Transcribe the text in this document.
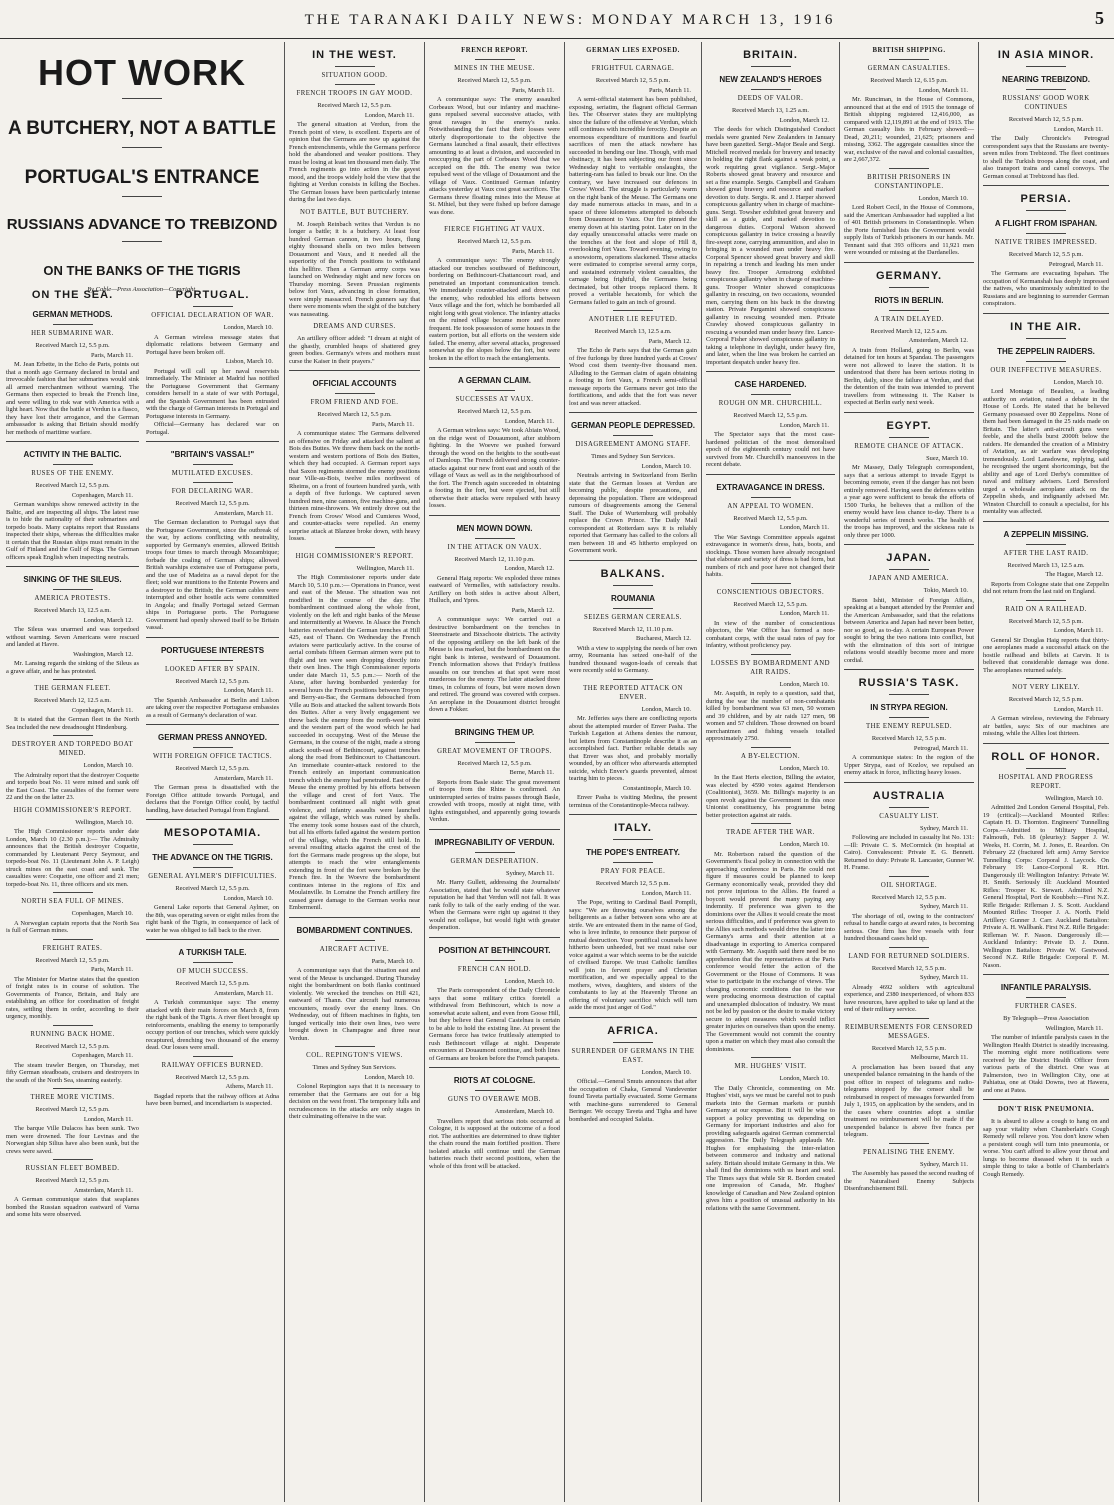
THE TARANAKI DAILY NEWS: MONDAY MARCH 13, 1916	5
HOT WORK
A BUTCHERY, NOT A BATTLE
PORTUGAL'S ENTRANCE
RUSSIANS ADVANCE TO TREBIZOND
ON THE BANKS OF THE TIGRIS
By Cable—Press Association—Copyright.
ON THE SEA.
GERMAN METHODS.
HER SUBMARINE WAR.
Received March 12, 5.5 p.m.
Paris, March 11.

M. Jean Erbette, in the Echo de Paris, points out that a month ago Germany declared in brutal and irrevocable fashion that her submarines would sink all armed merchantmen without warning. The Germans then expected to break the French line, and were willing to risk war with America with a light heart. Now that the battle at Verdun is a fiasco, they have lost their arrogance, and the German ambassador is asking that Britain should modify her methods of maritime warfare.

ACTIVITY IN THE BALTIC.
RUSES OF THE ENEMY.
Received March 12, 5.5 p.m.
Copenhagen, March 11.

German warships show renewed activity in the Baltic, and are inspecting all ships. The latest ruse is to hide the nationality of their submarines and torpedo boats. Many captains report that Russians inspected their ships, whereas the difficulties make it certain that the Russian ships must remain in the Gulf of Finland and the Gulf of Riga. The German officers speak English when inspecting neutrals.

SINKING OF THE SILEUS.
AMERICA PROTESTS.
Received March 13, 12.5 a.m.
London, March 12.

The Sileus was unarmed and was torpedoed without warning. Seven Americans were rescued and landed at Havre.

Washington, March 12.

Mr. Lansing regards the sinking of the Sileus as a grave affair, and he has protested.

THE GERMAN FLEET.
Received March 12, 12.5 a.m.
Copenhagen, March 11.

It is stated that the German fleet in the North Sea included the new dreadnought Hindenburg.

DESTROYER AND TORPEDO BOAT MINED.
London, March 10.

The Admiralty report that the destroyer Coquette and torpedo boat No. 11 were mined and sunk off the East Coast. The casualties of the former were 22 and the on the latter 23.

HIGH COMMISSIONER'S REPORT.
Wellington, March 10.

The High Commissioner reports under date London, March 10 (2.30 p.m.):— The Admiralty announces that the British destroyer Coquette, commanded by Lieutenant Percy Seymour, and torpedo-boat No. 11 (Lieutenant John A. P. Leigh) struck mines on the east coast and sank. The casualties were: Coquette, one officer and 21 men; torpedo-boat No. 11, three officers and six men.

NORTH SEA FULL OF MINES.
Copenhagen, March 10.

A Norwegian captain reports that the North Sea is full of German mines.

FREIGHT RATES.
Received March 12, 5.5 p.m.
Paris, March 11.

The Minister for Marine states that the question of freight rates is in course of solution. The Governments of France, Britain, and Italy are establishing an office for coordination of freight rates, settling them in order, according to their urgency, monthly.

RUNNING BACK HOME.
Received March 12, 5.5 p.m.
Copenhagen, March 11.

The steam trawler Bergen, on Thursday, met fifty German steadboats, cruisers and destroyers in the south of the North Sea, steaming easterly.

THREE MORE VICTIMS.
Received March 12, 5.5 p.m.
London, March 11.

The barque Ville Dulacos has been sunk. Two men were drowned. The four Levinas and the Norwegian ship Silius have also been sunk, but the crews were saved.

RUSSIAN FLEET BOMBED.
Received March 12, 5.5 p.m.
Amsterdam, March 11.

A German communique states that seaplanes bombed the Russian squadron eastward of Varna and some hits were observed.

PORTUGAL.
OFFICIAL DECLARATION OF WAR.
London, March 10.

A German wireless message states that diplomatic relations between Germany and Portugal have been broken off.

Lisbon, March 10.

Portugal will call up her naval reservists immediately. The Minister at Madrid has notified the Portuguese Government that Germany considers herself in a state of war with Portugal, and the Spanish Government has been entrusted with the charge of German interests in Portugal and Portuguese interests in Germany.

Official—Germany has declared war on Portugal.

"BRITAIN'S VASSAL!"
MUTILATED EXCUSES.
FOR DECLARING WAR.
Received March 12, 5.5 p.m.
Amsterdam, March 11.

The German declaration to Portugal says that the Portuguese Government, since the outbreak of the war, by actions conflicting with neutrality, supported by Germany's enemies, allowed British troops four times to march through Mozambique; forbade the coaling of German ships; allowed British warships extensive use of Portuguese ports, and the use of Madeira as a naval depot for the fleet; sold war munitions to the Entente Powers and a destroyer to the British; the German cables were interrupted and other hostile acts were committed in Angola; and finally Portugal seized German ships in Portuguese ports. The Portuguese Government had openly showed itself to be Britain vassal.

PORTUGUESE INTERESTS
LOOKED AFTER BY SPAIN.
Received March 12, 5.5 p.m.
London, March 11.

The Spanish Ambassador at Berlin and Lisbon are taking over the respective Portuguese embassies as a result of Germany's declaration of war.

GERMAN PRESS ANNOYED.
WITH FOREIGN OFFICE TACTICS.
Received March 12, 5.5 p.m.
Amsterdam, March 11.

The German press is dissatisfied with the Foreign Office attitude towards Portugal, and declares that the Foreign Office could, by tactful handling, have detached Portugal from England.

MESOPOTAMIA.
THE ADVANCE ON THE TIGRIS.
GENERAL AYLMER'S DIFFICULTIES.
Received March 12, 5.5 p.m.
London, March 10.

General Lake reports that General Aylmer, on the 8th, was operating seven or eight miles from the right bank of the Tigris, in consequence of lack of water he was obliged to fall back to the river.

A TURKISH TALE.
OF MUCH SUCCESS.
Received March 12, 5.5 p.m.
Amsterdam, March 11.

A Turkish communique says: The enemy attacked with their main forces on March 8, from the right bank of the Tigris. A river fleet brought up reinforcements, enabling the enemy to temporarily occupy portion of our trenches, which were quickly recaptured, drenching two thousand of the enemy dead. Our losses were small.

RAILWAY OFFICES BURNED.
Received March 12, 5.5 p.m.
Athens, March 11.

Bagdad reports that the railway offices at Adna have been burned, and incendiarism is suspected.

IN THE WEST.
SITUATION GOOD.
FRENCH TROOPS IN GAY MOOD.
Received March 12, 5.5 p.m.
London, March 11.

The general situation at Verdun, from the French point of view, is excellent. Experts are of opinion that the Germans are now up against the French entrenchments, while the Germans perforce hold the abandoned and weaker positions. They must be losing at least ten thousand men daily. The French regiments go into action in the gayest mood, and the troops widely hold the view that the fighting at Verdun consists in killing the Boches. The German losses have been particularly intense during the last two days.

NOT BATTLE, BUT BUTCHERY.

M. Joseph Reinbach writes that Verdun is no longer a battle; it is a butchery. At least four hundred German cannon, in two hours, flung eighty thousand shells on two miles between Douaumont and Vaux, and it needed all the superiority of the French positions to withstand this hellfire. Then a German army corps was launched on Wednesday night and new forces on Thursday morning. Seven Prussian regiments below fort Vaux, advancing in close formation, were simply massacred. French gunners say that there were moments when the sight of the butchery was nauseating.

DREAMS AND CURSES.

An artillery officer added: "I dream at night of the ghastly, crumbled heaps of shattered grey green bodies. Germany's wives and mothers must curse the Kaiser in their prayers."

OFFICIAL ACCOUNTS
FROM FRIEND AND FOE.
Received March 12, 5.5 p.m.
Paris, March 11.

A communique states: The Germans delivered an offensive on Friday and attacked the salient at Bois des Buttes. We threw them back on the north-western and western portions of Bois des Buttes, which they had occupied. A German report says that Saxon regiments stormed the enemy positions near Ville-au-Bois, twelve miles northwest of Rheims, on a front of fourteen hundred yards, with a depth of five furlongs. We captured seven hundred men, nine cannon, five machine-guns, and thirteen mine-throwers. We entirely drove out the French from Crows' Wood and Cumieres Wood, and counter-attacks were repelled. An enemy surprise attack at Blanzee broke down, with heavy losses.

HIGH COMMISSIONER'S REPORT.
Wellington, March 11.

The High Commissioner reports under date March 10, 5.10 p.m.:— Operations in France, west and east of the Meuse. The situation was not modified in the course of the day. The bombardment continued along the whole front, violently on the left and right banks of the Meuse and intermittently at Woevre. In Alsace the French batteries reverberated the German trenches at Hill 425, east of Thann. On Wednesday the French aviators were particularly active. In the course of aerial combats fifteen German airmen were put to flight and ten were seen dropping directly into their own lines. The High Commissioner reports under date March 11, 5.5 p.m.:— North of the Aisne, after having bombarded yesterday for several hours the French positions between Troyon and Berry-au-Bac, the Germans debouched from Ville au Bois and attacked the salient towards Bois des Buttes. After a very lively engagement we threw back the enemy from the north-west point and the western part of the wood which he had succeeded in occupying. West of the Meuse the Germans, in the course of the night, made a strong attack south-east of Bethincourt, against trenches along the road from Bethincourt to Chattancourt. An immediate counter-attack restored to the French entirely an important communication trench which the enemy had penetrated. East of the Meuse the enemy profited by his efforts between the village and crest of fort Vaux. The bombardment continued all night with great violence, and infantry assaults were launched against the village, which was ruined by shells. The enemy took some houses east of the church, but all his efforts failed against the western portion of the village, which the French still hold. In several resulting attacks against the crest of the fort the Germans made progress up the slope, but attempts to reach the wire entanglements extending in front of the fort were broken by the French fire. In the Woevre the bombardment continues intense in the regions of Eix and Moulainville. In Lorraine the French artillery fire caused grave damage to the German works near Embermenil.

BOMBARDMENT CONTINUES.
AIRCRAFT ACTIVE.
Paris, March 10.

A communique says that the situation east and west of the Meuse is unchanged. During Thursday night the bombardment on both flanks continued violently. We wrecked the trenches on Hill 421, eastward of Thann. Our aircraft had numerous encounters, mostly over the enemy lines. On Wednesday, out of fifteen machines in fights, ten lunged vertically into their own lines, two were brought down in Champagne and three near Verdun.

COL. REPINGTON'S VIEWS.
Times and Sydney Sun Services.
London, March 10.

Colonel Repington says that it is necessary to remember that the Germans are out for a big decision on the west front. The temporary lulls and recrudescences in the attacks are only stages in their culminating offensive in the war.

FRENCH REPORT.
MINES IN THE MEUSE.
Received March 12, 5.5 p.m.
Paris, March 11.

A communique says: The enemy assaulted Corbeaux Wood, but our infantry and machine-guns repulsed several successive attacks, with great ravages in the enemy's ranks. Notwithstanding the fact that their losses were utterly disproportionate to the objective the Germans launched a final assault, their effectives amounting to at least a division, and succeeded in reoccupying the part of Corbeaux Wood that we accepted on the 8th. The enemy was twice repulsed west of the village of Douaumont and the village of Vaux. Continued German infantry attacks yesterday at Vaux cost great sacrifices. The Germans threw floating mines into the Meuse at St. Mihiel, but they were fished up before damage was done.

FIERCE FIGHTING AT VAUX.
Received March 12, 5.5 p.m.
Paris, March 11.

A communique says: The enemy strongly attacked our trenches southward of Bethincourt, bordering on Bethincourt-Chattancourt road, and penetrated an important communication trench. We immediately counter-attacked and drove out the enemy, who redoubled his efforts between Vaux village and the fort, which he bombarded all night long with great violence. The infantry attacks on the ruined village became more and more frequent. He took possession of some houses in the eastern portion, but all efforts on the western side failed. The enemy, after several attacks, progressed somewhat up the slopes below the fort, but were broken in the effort to reach the entanglements.

A GERMAN CLAIM.
SUCCESSES AT VAUX.
Received March 12, 5.5 p.m.
London, March 11.

A German wireless says: We took Abiain Wood, on the ridge west of Douaumont, after stubborn fighting. In the Woevre we pushed forward through the wood on the heights to the south-east of Damloup. The French delivered strong counter-attacks against our new front east and south of the village of Vaux as well as in the neighbourhood of the fort. The French again succeeded in obtaining a footing in the fort, but were ejected, but still otherwise their attacks were repulsed with heavy losses.

MEN MOWN DOWN.
IN THE ATTACK ON VAUX.
Received March 12, 11.10 p.m.
London, March 12.

General Haig reports: We exploded three mines eastward of Vermelles, with satisfactory results. Artillery on both sides is active about Albert, Hulluch, and Ypres.

Paris, March 12.

A communique says: We carried out a destructive bombardment on the trenches in Steenstraete and Bixschoote districts. The activity of the opposing artillery on the left bank of the Meuse is less marked, but the bombardment on the right bank is intense, westward of Douaumont. French information shows that Friday's fruitless assaults on our trenches at that spot were most murderous for the enemy. The latter attacked three times, in columns of fours, but were mown down and retired. The ground was covered with corpses. An aeroplane in the Douaumont district brought down a Fokker.

BRINGING THEM UP.
GREAT MOVEMENT OF TROOPS.
Received March 12, 5.5 p.m.
Berne, March 11.

Reports from Basle state: The great movement of troops from the Rhine is confirmed. An uninterrupted series of trains passes through Basle, crowded with troops, mostly at night time, with lights extinguished, and apparently going towards Verdun.

IMPREGNABILITY OF VERDUN.
GERMAN DESPERATION.
Sydney, March 11.

Mr. Harry Gullett, addressing the Journalists' Association, stated that he would state whatever reputation he had that Verdun will not fall. It was rank folly to talk of the early ending of the war. When the Germans were right up against it they would not collapse, but would fight with greater desperation.

POSITION AT BETHINCOURT.
FRENCH CAN HOLD.
London, March 10.

The Paris correspondent of the Daily Chronicle says that some military critics foretell a withdrawal from Bethincourt, which is now a somewhat acute salient, and even from Goose Hill, but they believe that General Castelnau is certain to be able to hold the existing line. At present the Germans force has twice fruitlessly attempted to rush Bethincourt village at night. Desperate encounters at Douaumont continue, and both lines of Germans are broken before the French parapets.

RIOTS AT COLOGNE.
GUNS TO OVERAWE MOB.
Amsterdam, March 10.

Travellers report that serious riots occurred at Cologne, it is supposed at the outcome of a food riot. The authorities are determined to draw tighter the chain round the main fortified position. There isolated attacks still continue until the German batteries reach their second positions, when the whole of this front will be attacked.

GERMAN LIES EXPOSED.
FRIGHTFUL CARNAGE.
Received March 12, 5.5 p.m.
Paris, March 11.

A semi-official statement has been published, exposing, seriatim, the flagrant official German lies. The Observer states they are multiplying since the failure of the offensive at Verdun, which still continues with incredible ferocity. Despite an enormous expenditure of munitions and fearful sacrifices of men the attack nowhere has succeeded in bending our line. Though, with mad obstinacy, it has been subjecting our front since Wednesday night to veritable onslaughts, the battering-ram has failed to break our line. On the contrary, we have increased our defences in Crows' Wood. The struggle is particularly warm on the right bank of the Meuse. The Germans one day made numerous attacks in mass, and in a space of three kilometres attempted to debouch from Douaumont to Vaux. Our fire pinned the enemy down at his starting point. Later on in the day equally unsuccessful attacks were made on the trenches at the foot and slope of Hill 8, overlooking fort Vaux. Toward evening, owing to a snowstorm, operations slackened. These attacks were estimated to comprise several army corps, and sustained extremely violent casualties, the carnage being frightful, the Germans being decimated, but other troops replaced them. It proved a veritable hecatomb, for which the Germans failed to gain an inch of ground.

ANOTHER LIE REFUTED.
Received March 13, 12.5 a.m.
Paris, March 12.

The Echo de Paris says that the German gain of five furlongs by three hundred yards at Crows' Wood cost them twenty-five thousand men. Alluding to the German claim of again obtaining a footing in fort Vaux, a French semi-official message reports the Germans never got into the fortifications, and adds that the fort was never lost and was never attacked.

GERMAN PEOPLE DEPRESSED.
DISAGREEMENT AMONG STAFF.
Times and Sydney Sun Services.
London, March 10.

Neutrals arriving in Switzerland from Berlin state that the German losses at Verdun are becoming public, despite precautions, and depressing the population. There are widespread rumours of disagreements among the General Staff. The Duke of Wurtemburg will probably replace the Crown Prince. The Daily Mail correspondent at Rotterdam says it is reliably reported that Germany has called to the colors all men between 18 and 45 hitherto employed on Government work.

BALKANS.
ROUMANIA
SEIZES GERMAN CEREALS.
Received March 12, 11.10 p.m.
Bucharest, March 12.

With a view to supplying the needs of her own army, Roumania has seized one-half of the hundred thousand wagon-loads of cereals that were recently sold to Germany.

THE REPORTED ATTACK ON ENVER.
London, March 10.

Mr. Jefferies says there are conflicting reports about the attempted murder of Enver Pasha. The Turkish Legation at Athens denies the rumour, but letters from Constantinople describe it as an accomplished fact. Further reliable details say that Enver was shot, and probably mortally wounded, by an officer who afterwards attempted suicide, which Enver's guards prevented, almost tearing him to pieces.

Constantinople, March 10.

Enver Pasha is visiting Medina, the present terminus of the Constantinople-Mecca railway.

ITALY.
THE POPE'S ENTREATY.
PRAY FOR PEACE.
Received March 12, 5.5 p.m.
London, March 11.

The Pope, writing to Cardinal Basil Pompili, says: "We are throwing ourselves among the belligerents as a father between sons who are at strife. We are entreated them in the name of God, who is love infinite, to renounce their purpose of mutual destruction. Your pontifical counsels have hitherto been unheeded, but we must raise our voice against a war which seems to be the suicide of civilised Europe. We trust Catholic families will join in fervent prayer and Christian mortification, and we especially appeal to the mothers, wives, daughters, and sisters of the combatants to lay at the Heavenly Throne an offering of voluntary sacrifice which will turn aside the most just anger of God."

AFRICA.
SURRENDER OF GERMANS IN THE EAST.
London, March 10.

Official.—General Smuts announces that after the occupation of Chaka, General Vandeventer found Taveta partially evacuated. Some Germans with machine-guns surrendered to General Beringer. We occupy Taveta and Tigha and have bombarded and occupied Salaita.

BRITAIN.
NEW ZEALAND'S HEROES
DEEDS OF VALOR.
Received March 13, 1.25 a.m.
London, March 12.

The deeds for which Distinguished Conduct medals were granted New Zealanders in January have been gazetted. Sergt.-Major Beale and Sergt. Mitchell received medals for bravery and tenacity in holding the right flank against a weak point, a work requiring great vigilance. Sergt.-Major Roberts showed great bravery and resource and set a fine example. Sergts. Campbell and Graham showed great bravery and resource and marked devotion to duty. Sergts. R. and J. Harper showed conspicuous gallantry when in charge of machine-guns. Sergt. Towsher exhibited great bravery and skill as a guide, and marked devotion to dangerous duties. Corporal Watson showed conspicuous gallantry in twice crossing a heavily fire-swept zone, carrying ammunition, and also in bringing in a wounded man under heavy fire. Corporal Spencer showed great bravery and skill in repairing a trench and leading his men under heavy fire. Trooper Armstrong exhibited conspicuous gallantry when in charge of machine-guns. Trooper Winter showed conspicuous gallantry in rescuing, on two occasions, wounded men, carrying them on his back in the drawing station. Private Pargamini showed conspicuous gallantry in rescuing wounded men. Private Crawley showed conspicuous gallantry in rescuing a wounded man under heavy fire. Lance-Corporal Fisher showed conspicuous gallantry in taking a telephone in daylight, under heavy fire, and later, when the line was broken he carried an important despatch under heavy fire.

CASE HARDENED.
ROUGH ON MR. CHURCHILL.
Received March 12, 5.5 p.m.
London, March 11.

The Spectator says that the most case-hardened politician of the most demoralised epoch of the eighteenth century could not have survived from Mr. Churchill's manoeuvres in the recent debate.

EXTRAVAGANCE IN DRESS.
AN APPEAL TO WOMEN.
Received March 12, 5.5 p.m.
London, March 11.

The War Savings Committee appeals against extravagance in women's dress, hats, boots, and stockings. Those women have already recognised that elaborate and variety of dress is bad form, but numbers of rich and poor have not changed their habits.

CONSCIENTIOUS OBJECTORS.
Received March 12, 5.5 p.m.
London, March 11.

In view of the number of conscientious objectors, the War Office has formed a non-combatant corps, with the usual rates of pay for infantry, without proficiency pay.

LOSSES BY BOMBARDMENT AND AIR RAIDS.
London, March 10.

Mr. Asquith, in reply to a question, said that, during the war the number of non-combatants killed by bombardment was 63 men, 50 women and 39 children, and by air raids 127 men, 98 women and 57 children. Those drowned on board merchantmen and fishing vessels totalled approximately 2750.

A BY-ELECTION.
London, March 10.

In the East Herts election, Billing the aviator, was elected by 4590 votes against Henderson (Coalitionist), 3659. Mr. Billing's majority is an open revolt against the Government in this once Unionist constituency, his programme being better protection against air raids.

TRADE AFTER THE WAR.
London, March 10.

Mr. Robertson raised the question of the Government's fiscal policy in connection with the approaching conference in Paris. He could not figure if measures could be planned to keep Germany economically weak, provided they did not prove injurious to the Allies. He feared a boycott would prevent the many paying any indemnity. If preference was given to the dominions over the Allies it would create the most serious difficulties, and if preference was given to the Allies such methods would drive the latter into Germany's arms and their attention at a disadvantage in exporting to America compared with Germany. Mr. Asquith said there need be no apprehension that the representatives at the Paris conference would fetter the action of the Government or the House of Commons. It was wise to participate in the exchange of views. The changing economic conditions due to the war were producing enormous destruction of capital and unexampled dislocation of industry. We must not be led by passion or the desire to make victory secure to adopt measures which would inflict greater injuries on ourselves than upon the enemy. The Government would not commit the country upon a matter on which they must also consult the dominions.

MR. HUGHES' VISIT.
London, March 10.

The Daily Chronicle, commenting on Mr. Hughes' visit, says we must be careful not to push markets into the German markets or punish Germany at our expense. But it will be wise to support a policy preventing us depending on Germany for important industries and also for providing safeguards against German commercial aggression. The Daily Telegraph applauds Mr. Hughes for emphasising the inter-relation between commerce and industry and national safety. Britain should imitate Germany in this. We shall find the dominions with us heart and soul. The Times says that while Sir R. Borden created one impression of Canada, Mr. Hughes' knowledge of Canadian and New Zealand opinion gives him a position of unusual authority in his relations with the same Government.

BRITISH SHIPPING.
GERMAN CASUALTIES.
Received March 12, 6.15 p.m.
London, March 11.

Mr. Runciman, in the House of Commons, announced that at the end of 1915 the tonnage of British shipping registered 12,416,000, as compared with 12,119,891 at the end of 1913. The German casualty lists in February showed:—Dead, 20,211; wounded, 21,625; prisoners and missing, 3362. The aggregate casualties since the war, exclusive of the naval and colonial casualties, are 2,667,372.

BRITISH PRISONERS IN CONSTANTINOPLE.
London, March 10.

Lord Robert Cecil, in the House of Commons, said the American Ambassador had supplied a list of 401 British prisoners in Constantinople. When the Porte furnished lists the Government would supply lists of Turkish prisoners in our hands. Mr. Tennant said that 393 officers and 11,921 men were wounded or missing at the Dardanelles.

GERMANY.
RIOTS IN BERLIN.
A TRAIN DELAYED.
Received March 12, 12.5 a.m.
Amsterdam, March 12.

A train from Holland, going to Berlin, was detained for ten hours at Spandau. The passengers were not allowed to leave the station. It is understood that there has been serious rioting in Berlin, daily, since the failure at Verdun, and that the detention of the train was intended to prevent travellers from witnessing it. The Kaiser is expected at Berlin early next week.

EGYPT.
REMOTE CHANCE OF ATTACK.
Suez, March 10.

Mr Massey, Daily Telegraph correspondent, says that a serious attempt to invade Egypt is becoming remote, even if the danger has not been entirely removed. Having seen the defences within a year ago were sufficient to break the efforts of 1500 Turks, he believes that a million of the enemy would have less chance to-day. There is a wonderful series of trench works. The health of the troops has improved, and the sickness rate is only three per 1000.

JAPAN.
JAPAN AND AMERICA.
Tokio, March 10.

Baron Ishii, Minister of Foreign Affairs, speaking at a banquet attended by the Premier and the American Ambassador, said that the relations between America and Japan had never been better, nor so good, as to-day. A certain European Power sought to bring the two nations into conflict, but with the elimination of this sort of intrigue relations would steadily become more and more cordial.

RUSSIA'S TASK.
IN STRYPA REGION.
THE ENEMY REPULSED.
Received March 12, 5.5 p.m.
Petrograd, March 11.

A communique states: In the region of the Upper Strypa, east of Kozlov, we repulsed an enemy attack in force, inflicting heavy losses.

AUSTRALIA
CASUALTY LIST.
Sydney, March 11.

Following are included in casualty list No. 131:—Ill: Private C. S. McCormick (in hospital at Cairo). Convalescent: Private E. G. Bennett. Returned to duty: Private R. Lancaster, Gunner W. H. Frame.

OIL SHORTAGE.
Received March 12, 5.5 p.m.
Sydney, March 11.

The shortage of oil, owing to the contractors' refusal to handle cargo at award rates, is becoming serious. One firm has five vessels with four hundred thousand cases held up.

LAND FOR RETURNED SOLDIERS.
Received March 12, 5.5 p.m.
Sydney, March 11.

Already 4692 soldiers with agricultural experience, and 2380 inexperienced, of whom 833 have resources, have applied to take up land at the end of their military service.

REIMBURSEMENTS FOR CENSORED MESSAGES.
Received March 12, 5.5 p.m.
Melbourne, March 11.

A proclamation has been issued that any unexpended balance remaining in the hands of the post office in respect of telegrams and radio-telegrams stopped by the censor shall be reimbursed in respect of messages forwarded from July 1, 1915, on application by the senders, and in the cases where countries adopt a similar treatment no reimbursement will be made if the unexpended balance is above five francs per telegram.

PENALISING THE ENEMY.
Sydney, March 11.

The Assembly has passed the second reading of the Naturalised Enemy Subjects Disenfranchisement Bill.

IN ASIA MINOR.
NEARING TREBIZOND.
RUSSIANS' GOOD WORK CONTINUES
Received March 12, 5.5 p.m.
London, March 11.

The Daily Chronicle's Petrograd correspondent says that the Russians are twenty-seven miles from Trebizond. The fleet continues to shell the Turkish troops along the coast, and also transport trains and camel convoys. The German consul at Trebizond has fled.

PERSIA.
A FLIGHT FROM ISPAHAN.
NATIVE TRIBES IMPRESSED.
Received March 12, 5.5 p.m.
Petrograd, March 11.

The Germans are evacuating Ispahan. The occupation of Kermanshah has deeply impressed the natives, who unanimously submitted to the Russians and are beginning to surrender German conspirators.

IN THE AIR.
THE ZEPPELIN RAIDERS.
OUR INEFFECTIVE MEASURES.
London, March 10.

Lord Montagu of Beaulieu, a leading authority on aviation, raised a debate in the House of Lords. He stated that he believed Germany possessed over 80 Zeppelins. None of them had been damaged in the 25 raids made on Britain. The latter's anti-aircraft guns were feeble, and the shells burst 2000ft below the raiders. He demanded the creation of a Ministry of Aviation, as air warfare was developing tremendously. Lord Lansdowne, replying, said he recognised the urgent shortcomings, but the ability and age of Lord Derby's committee of naval and military advisers. Lord Beresford urged a wholesale aeroplane attack on the Zeppelin sheds, and indignantly advised Mr. Winston Churchill to consult a specialist, for his mentality was affected.

A ZEPPELIN MISSING.
AFTER THE LAST RAID.
Received March 13, 12.5 a.m.
The Hague, March 12.

Reports from Cologne state that one Zeppelin did not return from the last raid on England.

RAID ON A RAILHEAD.
Received March 12, 5.5 p.m.
London, March 11.

General Sir Douglas Haig reports that thirty-one aeroplanes made a successful attack on the hostile railhead and billets at Carvin. It is believed that considerable damage was done. The aeroplanes returned safely.

NOT VERY LIKELY.
Received March 12, 5.5 p.m.
London, March 11.

A German wireless, reviewing the February air battles, says: Six of our machines are missing, while the Allies lost thirteen.

ROLL OF HONOR.
HOSPITAL AND PROGRESS REPORT.
Wellington, March 10.

Admitted 2nd London General Hospital, Feb. 19 (critical):—Auckland Mounted Rifles: Captain H. D. Thornton. Engineers' Tunnelling Corps.—Admitted to Military Hospital, Falmouth, Feb. 18 (pleurisy): Sapper J. W. Weeks, H. Corrin, M. J. Jones, E. Reardon. On February 22 (fractured left arm) Army Service Tunnelling Corps: Corporal J. Laycock. On February 19: Lance-Corporal R. Hirt. Dangerously ill: Wellington Infantry: Private W. H. Smith. Seriously ill: Auckland Mounted Rifles: Trooper K. Stewart. Admitted N.Z. General Hospital, Port de Koubbeh:—First N.Z. Rifle Brigade: Rifleman J. S. Scott. Auckland Mounted Rifles: Trooper J. A. North. Field Artillery: Gunner J. Carr. Auckland Battalion: Private A. H. Wallbank. First N.Z. Rifle Brigade: Rifleman W. F. Nason. Dangerously ill:—Auckland Infantry: Private D. J. Dunn. Wellington Battalion: Private W. Gestwood. Second N.Z. Rifle Brigade: Corporal F. M. Nason.

INFANTILE PARALYSIS.
FURTHER CASES.
By Telegraph—Press Association
Wellington, March 11.

The number of infantile paralysis cases in the Wellington Health District is steadily increasing. The morning eight more notifications were received by the District Health Officer from various parts of the district. One was at Palmerston, two in Wellington City, one at Pahiatua, one at Otaki Downs, two at Hawera, and one at Patea.

DON'T RISK PNEUMONIA.

It is absurd to allow a cough to hang on and sap your vitality when Chamberlain's Cough Remedy will relieve you. You don't know when a persistent cough will turn into pneumonia, or worse. You can't afford to allow your throat and lungs to become diseased when it is such a simple thing to take a bottle of Chamberlain's Cough Remedy.
